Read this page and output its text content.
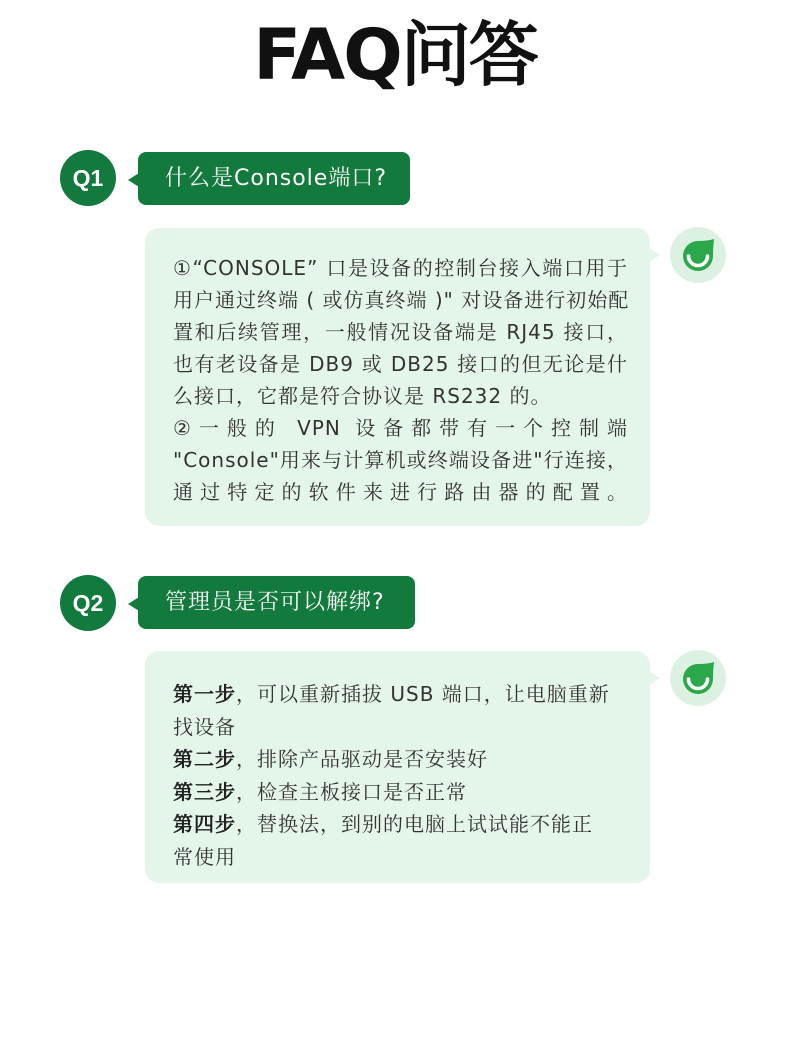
FAQ问答
Q1	什么是Console端口?
①“CONSOLE” 口是设备的控制台接入端口用于
用户通过终端 ( 或仿真终端 )" 对设备进行初始配
置和后续管理，一般情况设备端是 RJ45 接口，
也有老设备是 DB9 或 DB25 接口的但无论是什
么接口，它都是符合协议是 RS232 的。
②一般的 VPN 设备都带有一个控制端
"Console"用来与计算机或终端设备进"行连接，
通过特定的软件来进行路由器的配置。
Q2	管理员是否可以解绑?
第一步，可以重新插拔 USB 端口，让电脑重新
找设备
第二步，排除产品驱动是否安装好
第三步，检查主板接口是否正常
第四步，替换法，到别的电脑上试试能不能正
常使用
